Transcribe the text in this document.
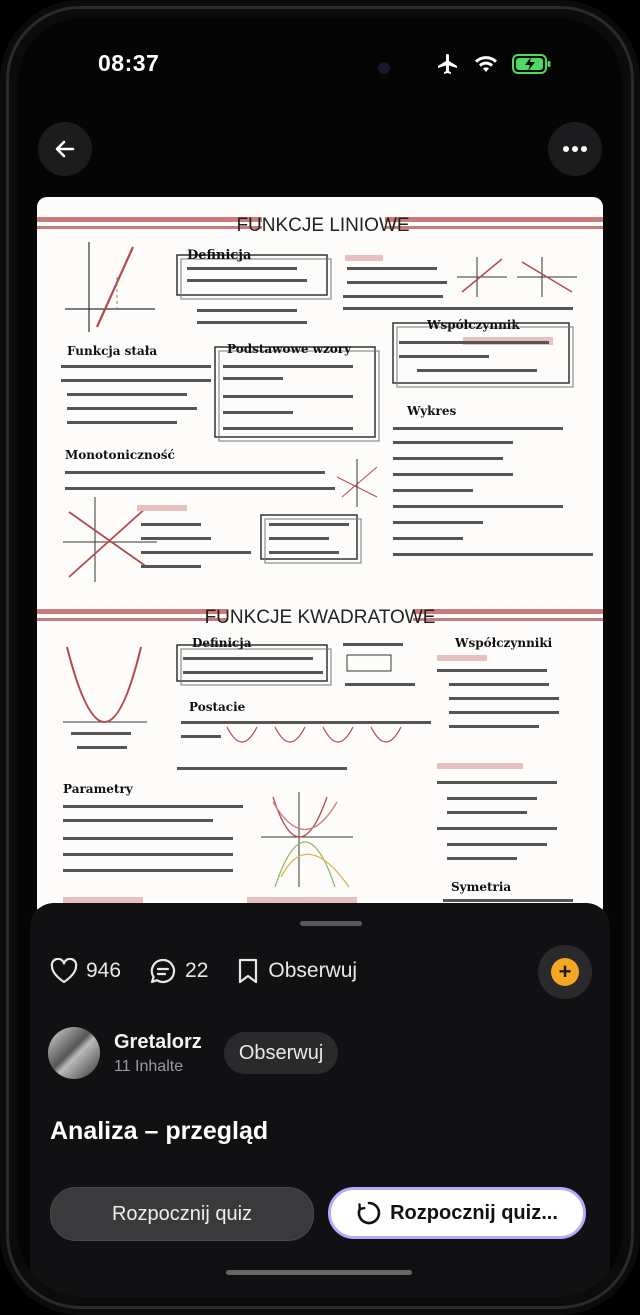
08:37
FUNKCJE LINIOWE
Definicja
Funkcja stała	Podstawowe wzory
Współczynnik
Wykres
Monotoniczność
FUNKCJE KWADRATOWE
Definicja
Postacie
Współczynniki
Symetria
Parametry
946	22	Obserwuj	+
Gretalorz
11 Inhalte
Obserwuj
Analiza – przegląd
Rozpocznij quiz	Rozpocznij quiz...
